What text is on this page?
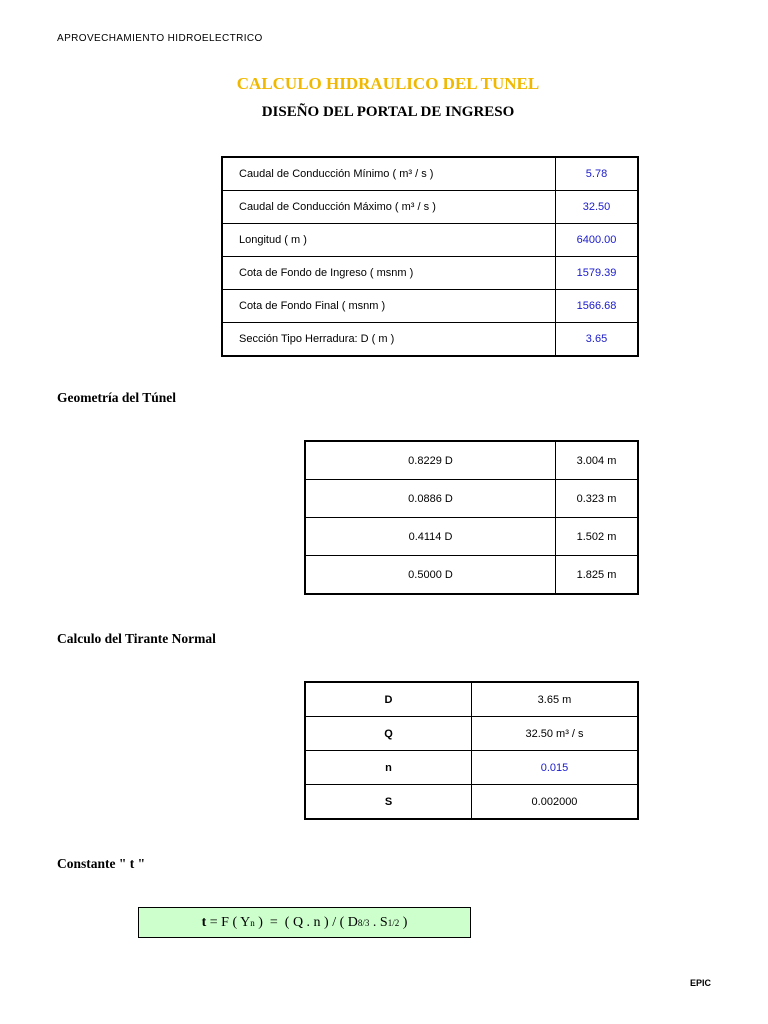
APROVECHAMIENTO HIDROELECTRICO
CALCULO HIDRAULICO DEL TUNEL
DISEÑO DEL PORTAL DE INGRESO
Caudal de Conducción Mínimo ( m³ / s )	5.78
Caudal de Conducción Máximo ( m³ / s )	32.50
Longitud ( m )	6400.00
Cota de Fondo de Ingreso ( msnm )	1579.39
Cota de Fondo Final ( msnm )	1566.68
Sección Tipo Herradura: D ( m )	3.65
Geometría del Túnel
0.8229 D	3.004 m
0.0886 D	0.323 m
0.4114 D	1.502 m
0.5000 D	1.825 m
Calculo del Tirante Normal
D	3.65 m
Q	32.50 m³ / s
n	0.015
S	0.002000
Constante " t "
t = F ( Y n )  =  ( Q . n ) / ( D 8/3 . S 1/2 )
EPIC
